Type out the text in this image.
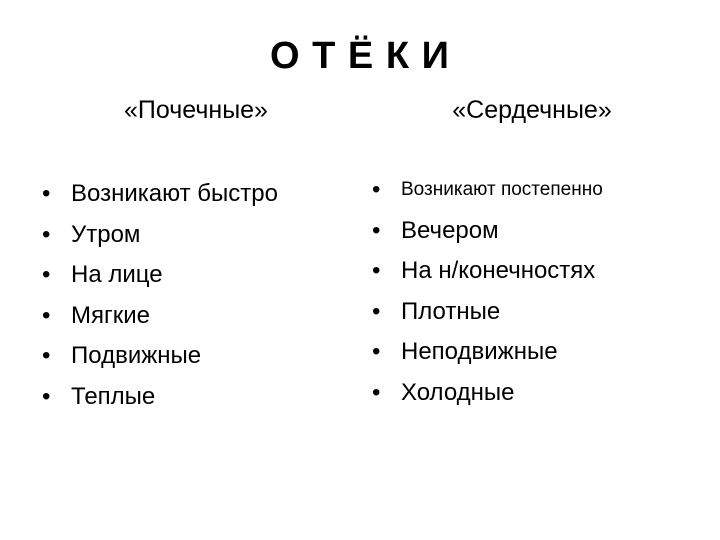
О Т Ё К И
«Почечные»	«Сердечные»
• Возникают быстро
• Утром
• На лице
• Мягкие
• Подвижные
• Теплые
• Возникают постепенно
• Вечером
• На н/конечностях
• Плотные
• Неподвижные
• Холодные
